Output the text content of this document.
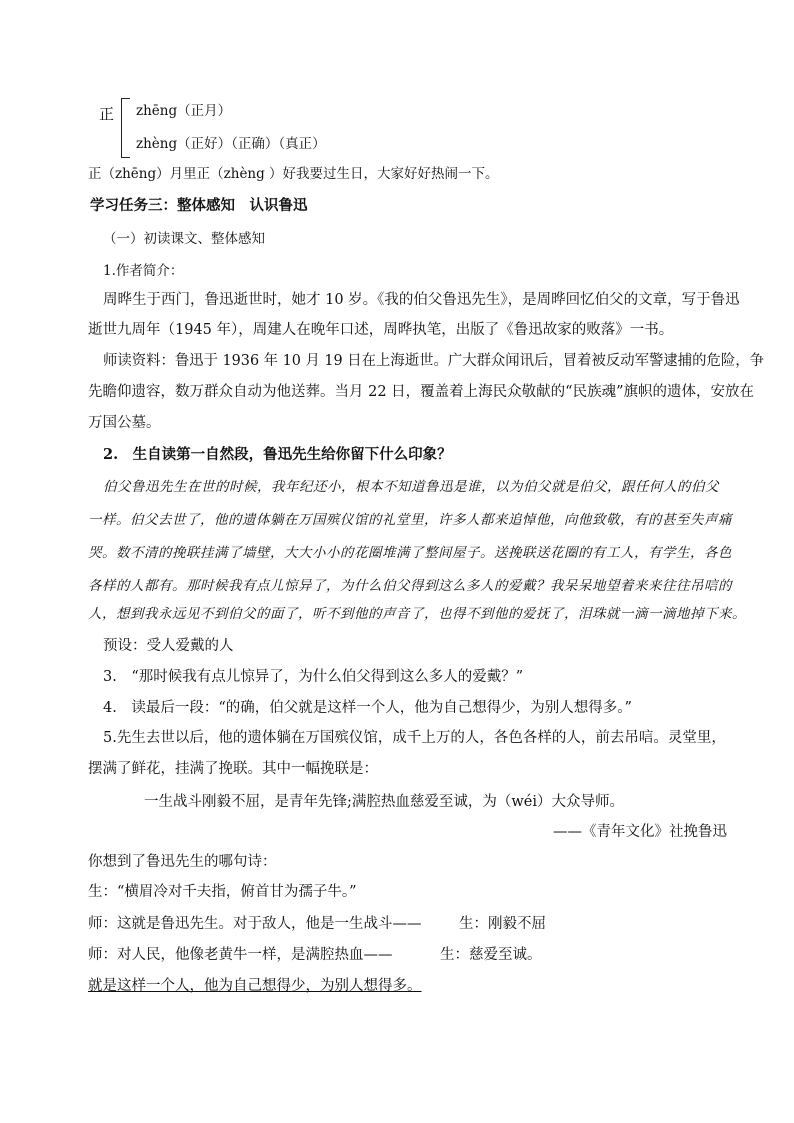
正 zhēng（正月）
zhèng（正好）（正确）（真正）
正（zhēng）月里正（zhèng ）好我要过生日，大家好好热闹一下。
学习任务三：整体感知　认识鲁迅
（一）初读课文、整体感知
1.作者简介：
周晔生于西门，鲁迅逝世时，她才 10 岁。《我的伯父鲁迅先生》，是周晔回忆伯父的文章，写于鲁迅
逝世九周年（1945 年），周建人在晚年口述，周晔执笔，出版了《鲁迅故家的败落》一书。
师读资料：鲁迅于 1936 年 10 月 19 日在上海逝世。广大群众闻讯后，冒着被反动军警逮捕的危险，争
先瞻仰遗容，数万群众自动为他送葬。当月 22 日，覆盖着上海民众敬献的“民族魂”旗帜的遗体，安放在
万国公墓。
2.　生自读第一自然段，鲁迅先生给你留下什么印象？
伯父鲁迅先生在世的时候，我年纪还小，根本不知道鲁迅是谁，以为伯父就是伯父，跟任何人的伯父
一样。伯父去世了，他的遗体躺在万国殡仪馆的礼堂里，许多人都来追悼他，向他致敬，有的甚至失声痛
哭。数不清的挽联挂满了墙壁，大大小小的花圈堆满了整间屋子。送挽联送花圈的有工人，有学生，各色
各样的人都有。那时候我有点儿惊异了，为什么伯父得到这么多人的爱戴？我呆呆地望着来来往往吊唁的
人，想到我永远见不到伯父的面了，听不到他的声音了，也得不到他的爱抚了，泪珠就一滴一滴地掉下来。
预设：受人爱戴的人
3.　“那时候我有点儿惊异了，为什么伯父得到这么多人的爱戴？”
4.　读最后一段：“的确，伯父就是这样一个人，他为自己想得少，为别人想得多。”
5.先生去世以后，他的遗体躺在万国殡仪馆，成千上万的人，各色各样的人，前去吊唁。灵堂里，
摆满了鲜花，挂满了挽联。其中一幅挽联是：
一生战斗刚毅不屈，是青年先锋;满腔热血慈爱至诚，为（wéi）大众导师。
——《青年文化》社挽鲁迅
你想到了鲁迅先生的哪句诗：
生：“横眉冷对千夫指，俯首甘为孺子牛。”
师：这就是鲁迅先生。对于敌人，他是一生战斗——	生：刚毅不屈
师：对人民，他像老黄牛一样，是满腔热血——	生：慈爱至诚。
就是这样一个人，他为自己想得少，为别人想得多。
